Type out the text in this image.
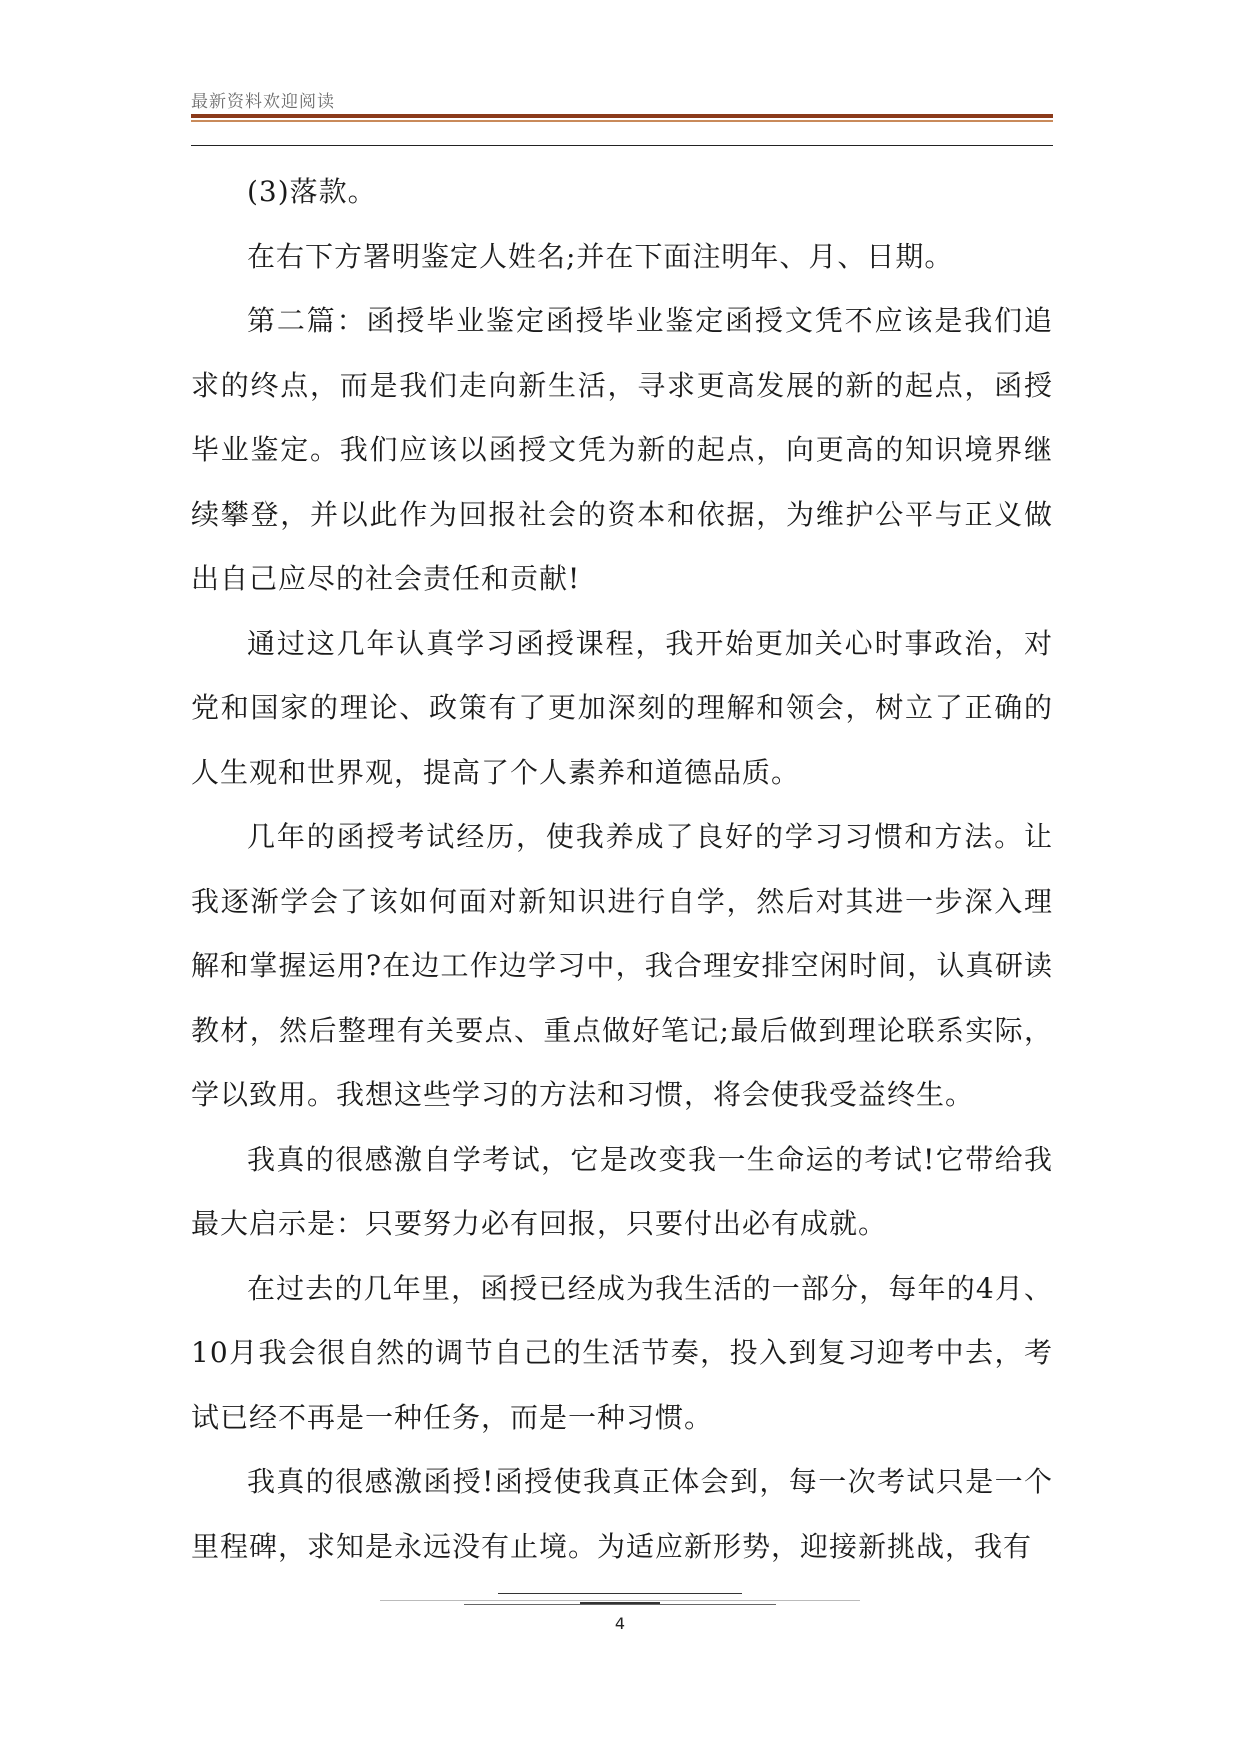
最新资料欢迎阅读

(3)落款。

在右下方署明鉴定人姓名;并在下面注明年、月、日期。

第二篇：函授毕业鉴定函授毕业鉴定函授文凭不应该是我们追求的终点，而是我们走向新生活，寻求更高发展的新的起点，函授毕业鉴定。我们应该以函授文凭为新的起点，向更高的知识境界继续攀登，并以此作为回报社会的资本和依据，为维护公平与正义做出自己应尽的社会责任和贡献!

通过这几年认真学习函授课程，我开始更加关心时事政治，对党和国家的理论、政策有了更加深刻的理解和领会，树立了正确的人生观和世界观，提高了个人素养和道德品质。

几年的函授考试经历，使我养成了良好的学习习惯和方法。让我逐渐学会了该如何面对新知识进行自学，然后对其进一步深入理解和掌握运用?在边工作边学习中，我合理安排空闲时间，认真研读教材，然后整理有关要点、重点做好笔记;最后做到理论联系实际，学以致用。我想这些学习的方法和习惯，将会使我受益终生。

我真的很感激自学考试，它是改变我一生命运的考试!它带给我最大启示是：只要努力必有回报，只要付出必有成就。

在过去的几年里，函授已经成为我生活的一部分，每年的4月、10月我会很自然的调节自己的生活节奏，投入到复习迎考中去，考试已经不再是一种任务，而是一种习惯。

我真的很感激函授!函授使我真正体会到，每一次考试只是一个里程碑，求知是永远没有止境。为适应新形势，迎接新挑战，我有

4
